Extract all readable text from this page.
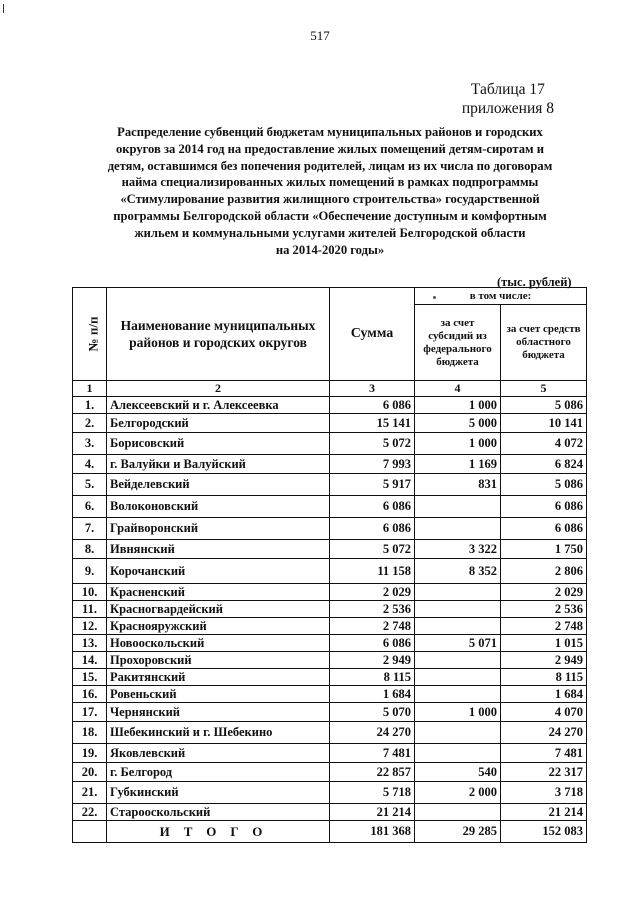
517
Таблица 17
приложения 8
Распределение субвенций бюджетам муниципальных районов и городских
округов за 2014 год на предоставление жилых помещений детям-сиротам и
детям, оставшимся без попечения родителей, лицам из их числа по договорам
найма специализированных жилых помещений в рамках подпрограммы
«Стимулирование развития жилищного строительства» государственной
программы Белгородской области «Обеспечение доступным и комфортным
жильем и коммунальными услугами жителей Белгородской области
на 2014-2020 годы»
(тыс. рублей)
№ п/п	Наименование муниципальных районов и городских округов	Сумма	в том числе:	
			за счет субсидий из федерального бюджета	за счет средств областного бюджета
1	2	3	4	5
1.	Алексеевский и г. Алексеевка	6 086	1 000	5 086
2.	Белгородский	15 141	5 000	10 141
3.	Борисовский	5 072	1 000	4 072
4.	г. Валуйки и Валуйский	7 993	1 169	6 824
5.	Вейделевский	5 917	831	5 086
6.	Волоконовский	6 086		6 086
7.	Грайворонский	6 086		6 086
8.	Ивнянский	5 072	3 322	1 750
9.	Корочанский	11 158	8 352	2 806
10.	Красненский	2 029		2 029
11.	Красногвардейский	2 536		2 536
12.	Краснояружский	2 748		2 748
13.	Новооскольский	6 086	5 071	1 015
14.	Прохоровский	2 949		2 949
15.	Ракитянский	8 115		8 115
16.	Ровеньский	1 684		1 684
17.	Чернянский	5 070	1 000	4 070
18.	Шебекинский и г. Шебекино	24 270		24 270
19.	Яковлевский	7 481		7 481
20.	г. Белгород	22 857	540	22 317
21.	Губкинский	5 718	2 000	3 718
22.	Старооскольский	21 214		21 214
	ИТОГО	181 368	29 285	152 083
